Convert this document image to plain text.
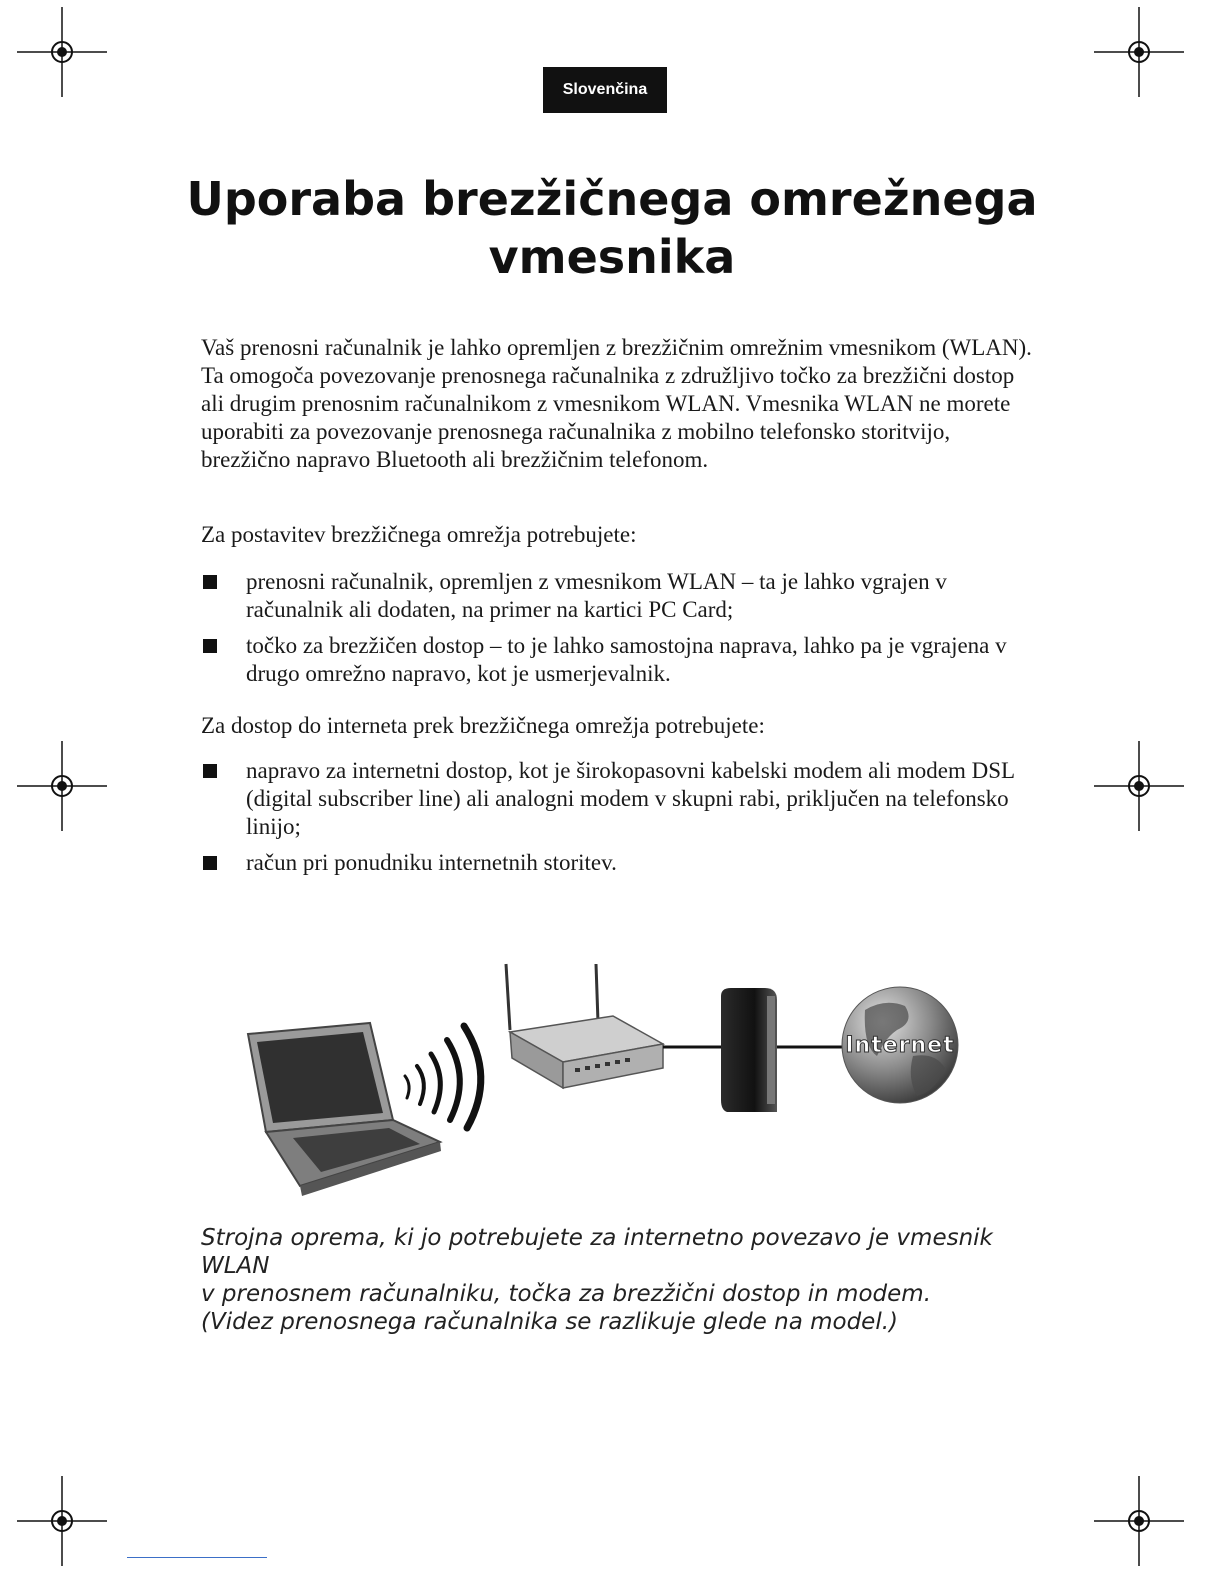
Slovenčina
Uporaba brezžičnega omrežnega
vmesnika

Vaš prenosni računalnik je lahko opremljen z brezžičnim omrežnim vmesnikom (WLAN). Ta omogoča povezovanje prenosnega računalnika z združljivo točko za brezžični dostop ali drugim prenosnim računalnikom z vmesnikom WLAN. Vmesnika WLAN ne morete uporabiti za povezovanje prenosnega računalnika z mobilno telefonsko storitvijo, brezžično napravo Bluetooth ali brezžičnim telefonom.

Za postavitev brezžičnega omrežja potrebujete:

prenosni računalnik, opremljen z vmesnikom WLAN – ta je lahko vgrajen v računalnik ali dodaten, na primer na kartici PC Card;
točko za brezžičen dostop – to je lahko samostojna naprava, lahko pa je vgrajena v drugo omrežno napravo, kot je usmerjevalnik.

Za dostop do interneta prek brezžičnega omrežja potrebujete:

napravo za internetni dostop, kot je širokopasovni kabelski modem ali modem DSL (digital subscriber line) ali analogni modem v skupni rabi, priključen na telefonsko linijo;
račun pri ponudniku internetnih storitev.
Internet

Strojna oprema, ki jo potrebujete za internetno povezavo je vmesnik WLAN
v prenosnem računalniku, točka za brezžični dostop in modem.
(Videz prenosnega računalnika se razlikuje glede na model.)
